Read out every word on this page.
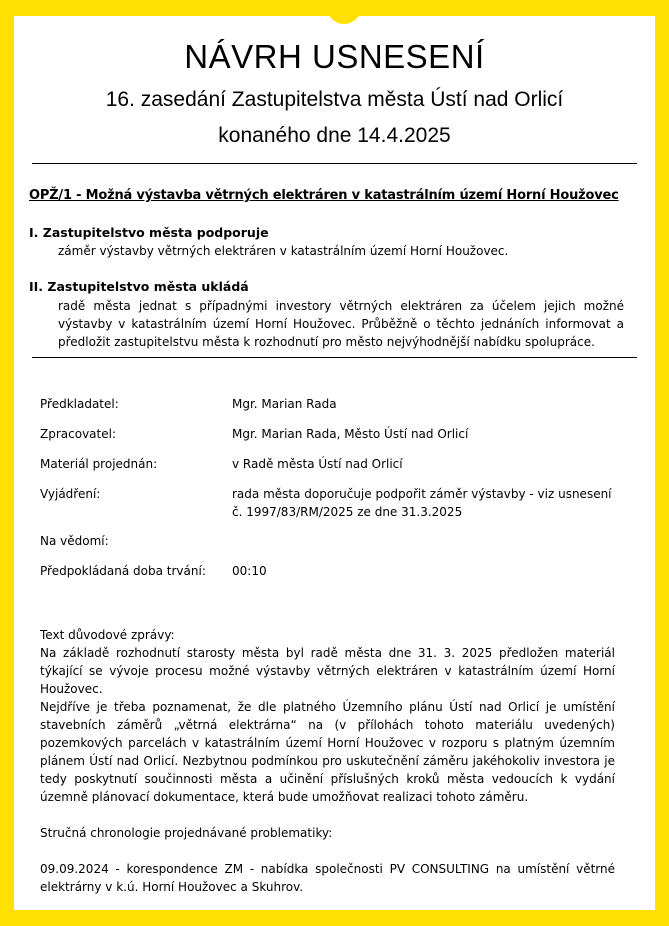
NÁVRH USNESENÍ
16. zasedání Zastupitelstva města Ústí nad Orlicí
konaného dne 14.4.2025
OPŽ/1 - Možná výstavba větrných elektráren v katastrálním území Horní Houžovec
I. Zastupitelstvo města podporuje
záměr výstavby větrných elektráren v katastrálním území Horní Houžovec.
II. Zastupitelstvo města ukládá
radě města jednat s případnými investory větrných elektráren za účelem jejich možné výstavby v katastrálním území Horní Houžovec. Průběžně o těchto jednáních informovat a předložit zastupitelstvu města k rozhodnutí pro město nejvýhodnější nabídku spolupráce.
Předkladatel:	Mgr. Marian Rada
Zpracovatel:	Mgr. Marian Rada, Město Ústí nad Orlicí
Materiál projednán:	v Radě města Ústí nad Orlicí
Vyjádření:	rada města doporučuje podpořit záměr výstavby - viz usnesení č. 1997/83/RM/2025 ze dne 31.3.2025
Na vědomí:
Předpokládaná doba trvání: 00:10
Text důvodové zprávy:
Na základě rozhodnutí starosty města byl radě města dne 31. 3. 2025 předložen materiál týkající se vývoje procesu možné výstavby větrných elektráren v katastrálním území Horní Houžovec.
Nejdříve je třeba poznamenat, že dle platného Územního plánu Ústí nad Orlicí je umístění stavebních záměrů „větrná elektrárna“ na (v přílohách tohoto materiálu uvedených) pozemkových parcelách v katastrálním území Horní Houžovec v rozporu s platným územním plánem Ústí nad Orlicí. Nezbytnou podmínkou pro uskutečnění záměru jakéhokoliv investora je tedy poskytnutí součinnosti města a učinění příslušných kroků města vedoucích k vydání územně plánovací dokumentace, která bude umožňovat realizaci tohoto záměru.
Stručná chronologie projednávané problematiky:
09.09.2024 - korespondence ZM - nabídka společnosti PV CONSULTING na umístění větrné elektrárny v k.ú. Horní Houžovec a Skuhrov.
